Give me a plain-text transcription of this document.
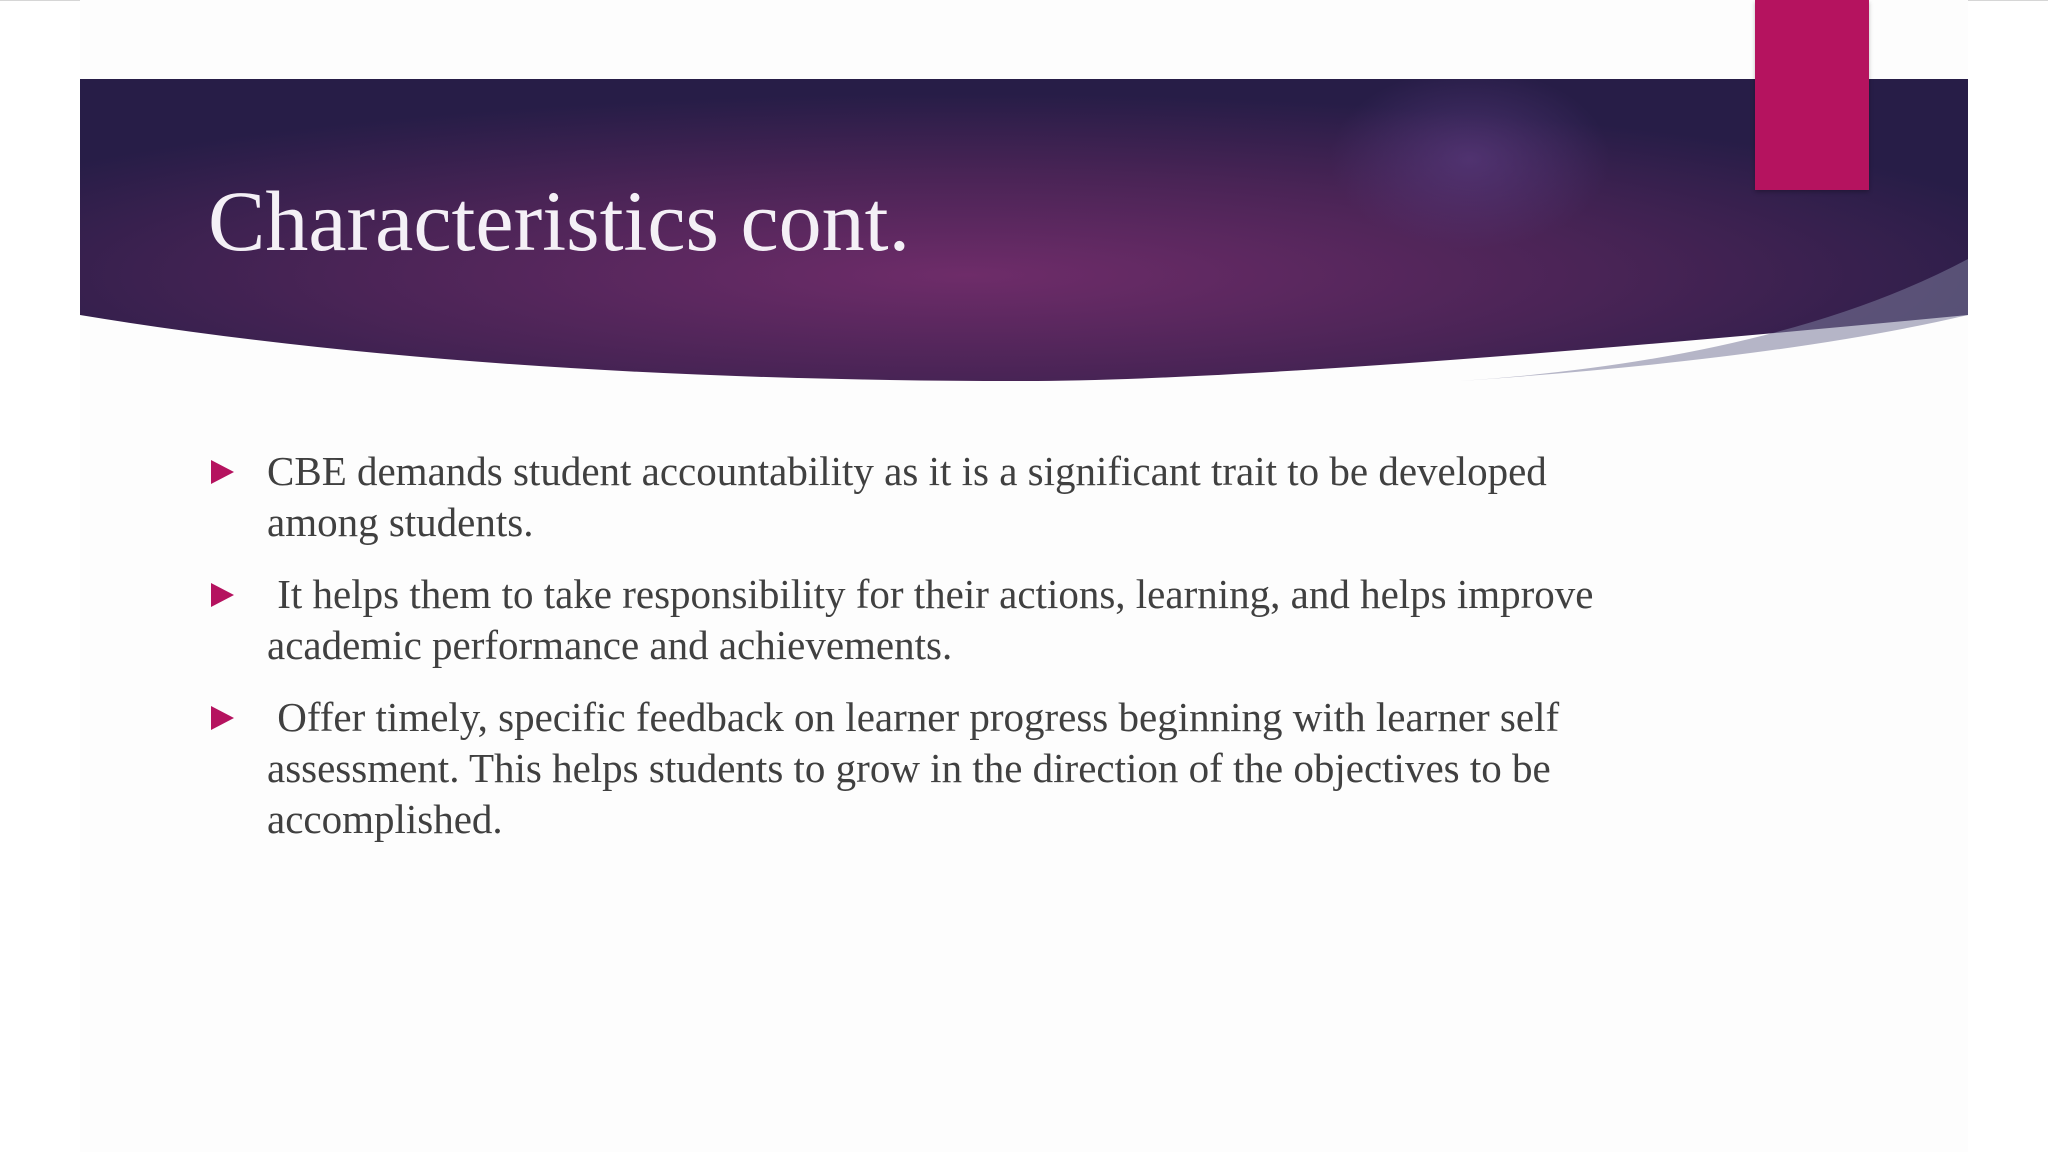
Characteristics cont.
CBE demands student accountability as it is a significant trait to be developed among students.
It helps them to take responsibility for their actions, learning, and helps improve academic performance and achievements.
Offer timely, specific feedback on learner progress beginning with learner self assessment. This helps students to grow in the direction of the objectives to be accomplished.
